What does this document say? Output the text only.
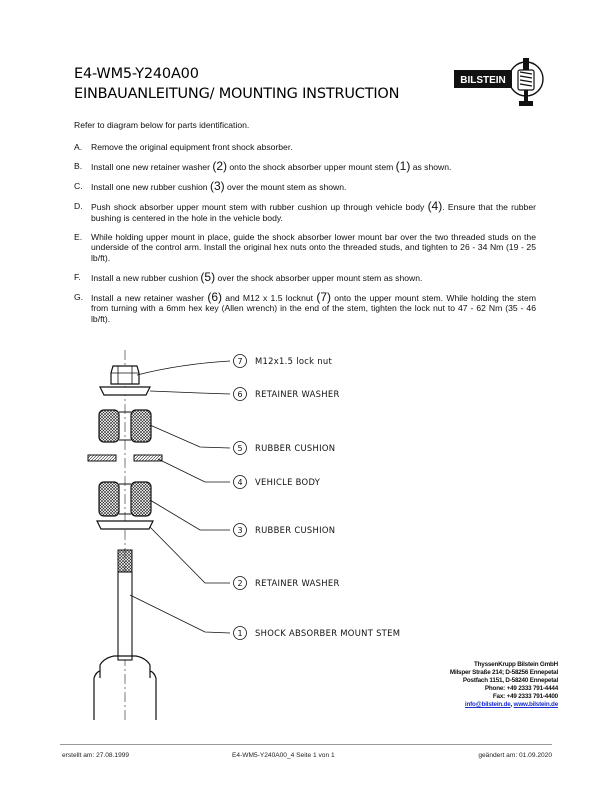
E4-WM5-Y240A00
EINBAUANLEITUNG/ MOUNTING INSTRUCTION
BILSTEIN
Refer to diagram below for parts identification.
A. Remove the original equipment front shock absorber.
B. Install one new retainer washer (2) onto the shock absorber upper mount stem (1) as shown.
C. Install one new rubber cushion (3) over the mount stem as shown.
D. Push shock absorber upper mount stem with rubber cushion up through vehicle body (4). Ensure that the rubber bushing is centered in the hole in the vehicle body.
E. While holding upper mount in place, guide the shock absorber lower mount bar over the two threaded studs on the underside of the control arm. Install the original hex nuts onto the threaded studs, and tighten to 26 - 34 Nm (19 - 25 lb/ft).
F. Install a new rubber cushion (5) over the shock absorber upper mount stem as shown.
G. Install a new retainer washer (6) and M12 x 1.5 locknut (7) onto the upper mount stem. While holding the stem from turning with a 6mm hex key (Allen wrench) in the end of the stem, tighten the lock nut to 47 - 62 Nm (35 - 46 lb/ft).
7 M12x1.5 lock nut
6 RETAINER WASHER
5 RUBBER CUSHION
4 VEHICLE BODY
3 RUBBER CUSHION
2 RETAINER WASHER
1 SHOCK ABSORBER MOUNT STEM
ThyssenKrupp Bilstein GmbH
Milsper Straße 214; D-58256 Ennepetal
Postfach 1151, D-58240 Ennepetal
Phone: +49 2333 791-4444
Fax: +49 2333 791-4400
info@bilstein.de, www.bilstein.de
erstellt am: 27.08.1999	E4-WM5-Y240A00_4 Seite 1 von 1	geändert am: 01.09.2020
